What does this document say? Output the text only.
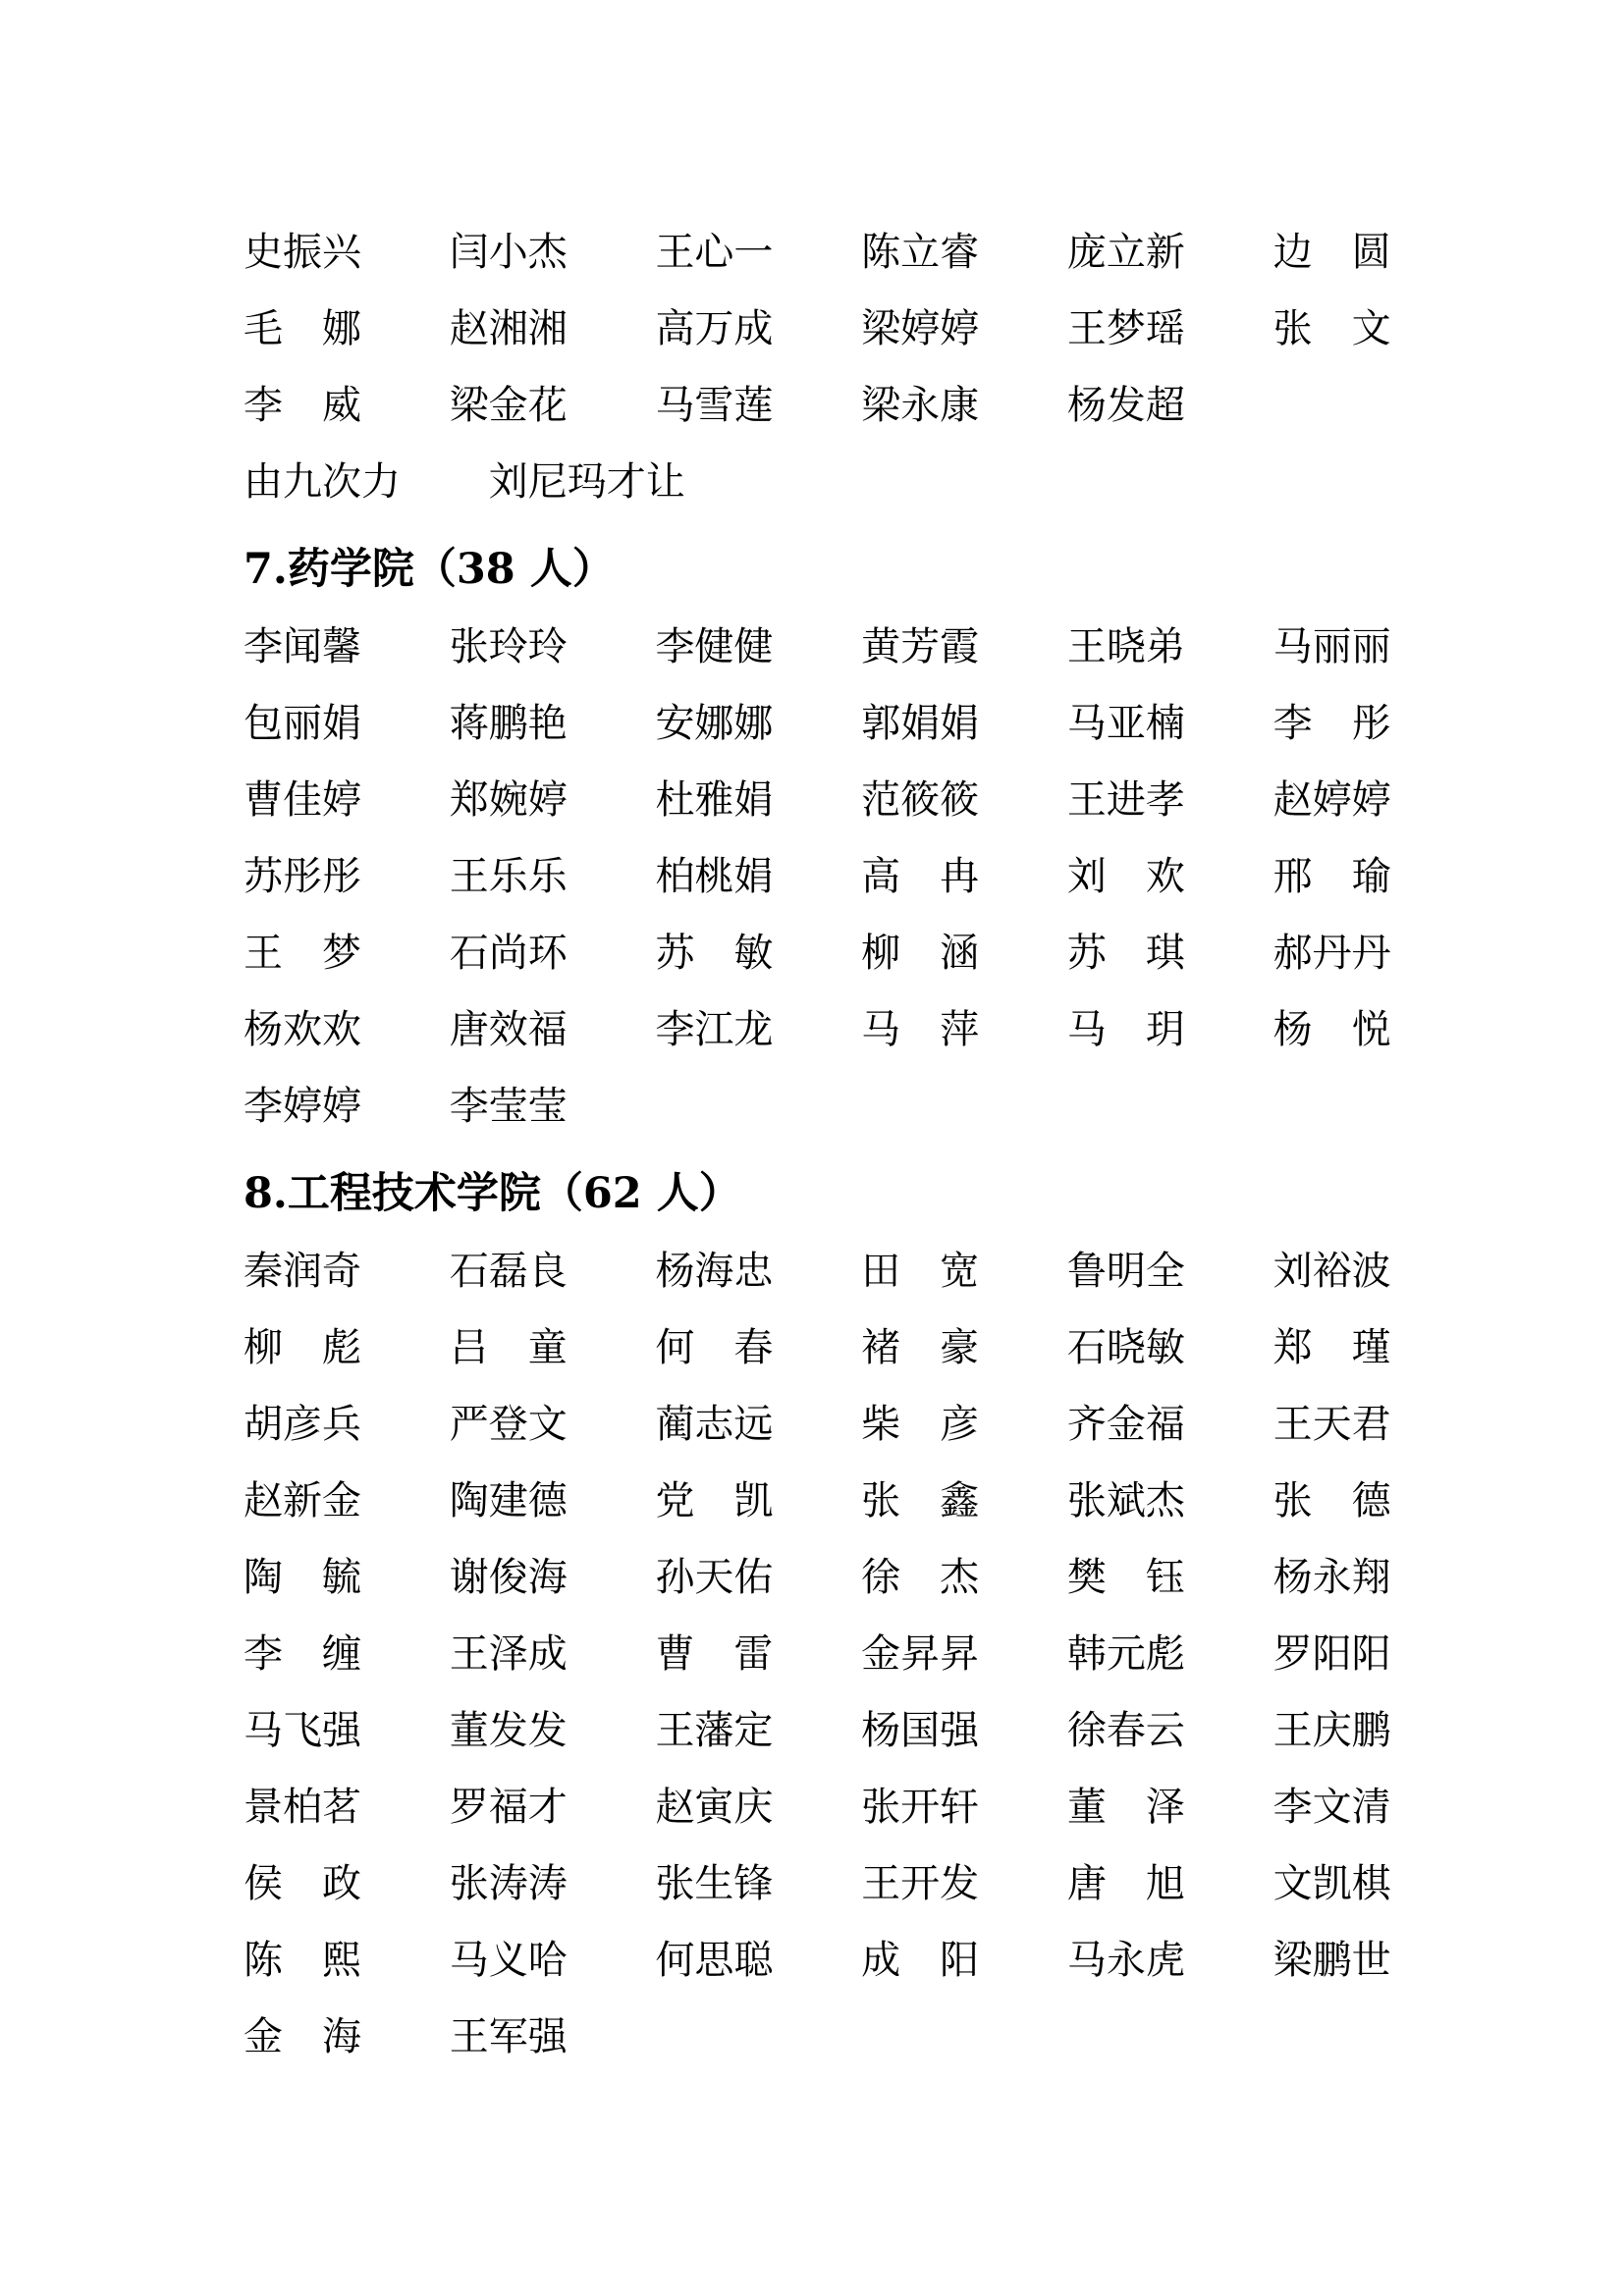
史振兴 闫小杰 王心一 陈立睿 庞立新 边　圆
毛　娜 赵湘湘 高万成 梁婷婷 王梦瑶 张　文
李　威 梁金花 马雪莲 梁永康 杨发超
由九次力 刘尼玛才让
7.药学院（38 人）
李闻馨 张玲玲 李健健 黄芳霞 王晓弟 马丽丽
包丽娟 蒋鹏艳 安娜娜 郭娟娟 马亚楠 李　彤
曹佳婷 郑婉婷 杜雅娟 范筱筱 王进孝 赵婷婷
苏彤彤 王乐乐 柏桃娟 高　冉 刘　欢 邢　瑜
王　梦 石尚环 苏　敏 柳　涵 苏　琪 郝丹丹
杨欢欢 唐效福 李江龙 马　萍 马　玥 杨　悦
李婷婷 李莹莹
8.工程技术学院（62 人）
秦润奇 石磊良 杨海忠 田　宽 鲁明全 刘裕波
柳　彪 吕　童 何　春 褚　豪 石晓敏 郑　瑾
胡彦兵 严登文 蔺志远 柴　彦 齐金福 王天君
赵新金 陶建德 党　凯 张　鑫 张斌杰 张　德
陶　毓 谢俊海 孙天佑 徐　杰 樊　钰 杨永翔
李　缠 王泽成 曹　雷 金昇昇 韩元彪 罗阳阳
马飞强 董发发 王藩定 杨国强 徐春云 王庆鹏
景柏茗 罗福才 赵寅庆 张开轩 董　泽 李文清
侯　政 张涛涛 张生锋 王开发 唐　旭 文凯棋
陈　熙 马义哈 何思聪 成　阳 马永虎 梁鹏世
金　海 王军强
